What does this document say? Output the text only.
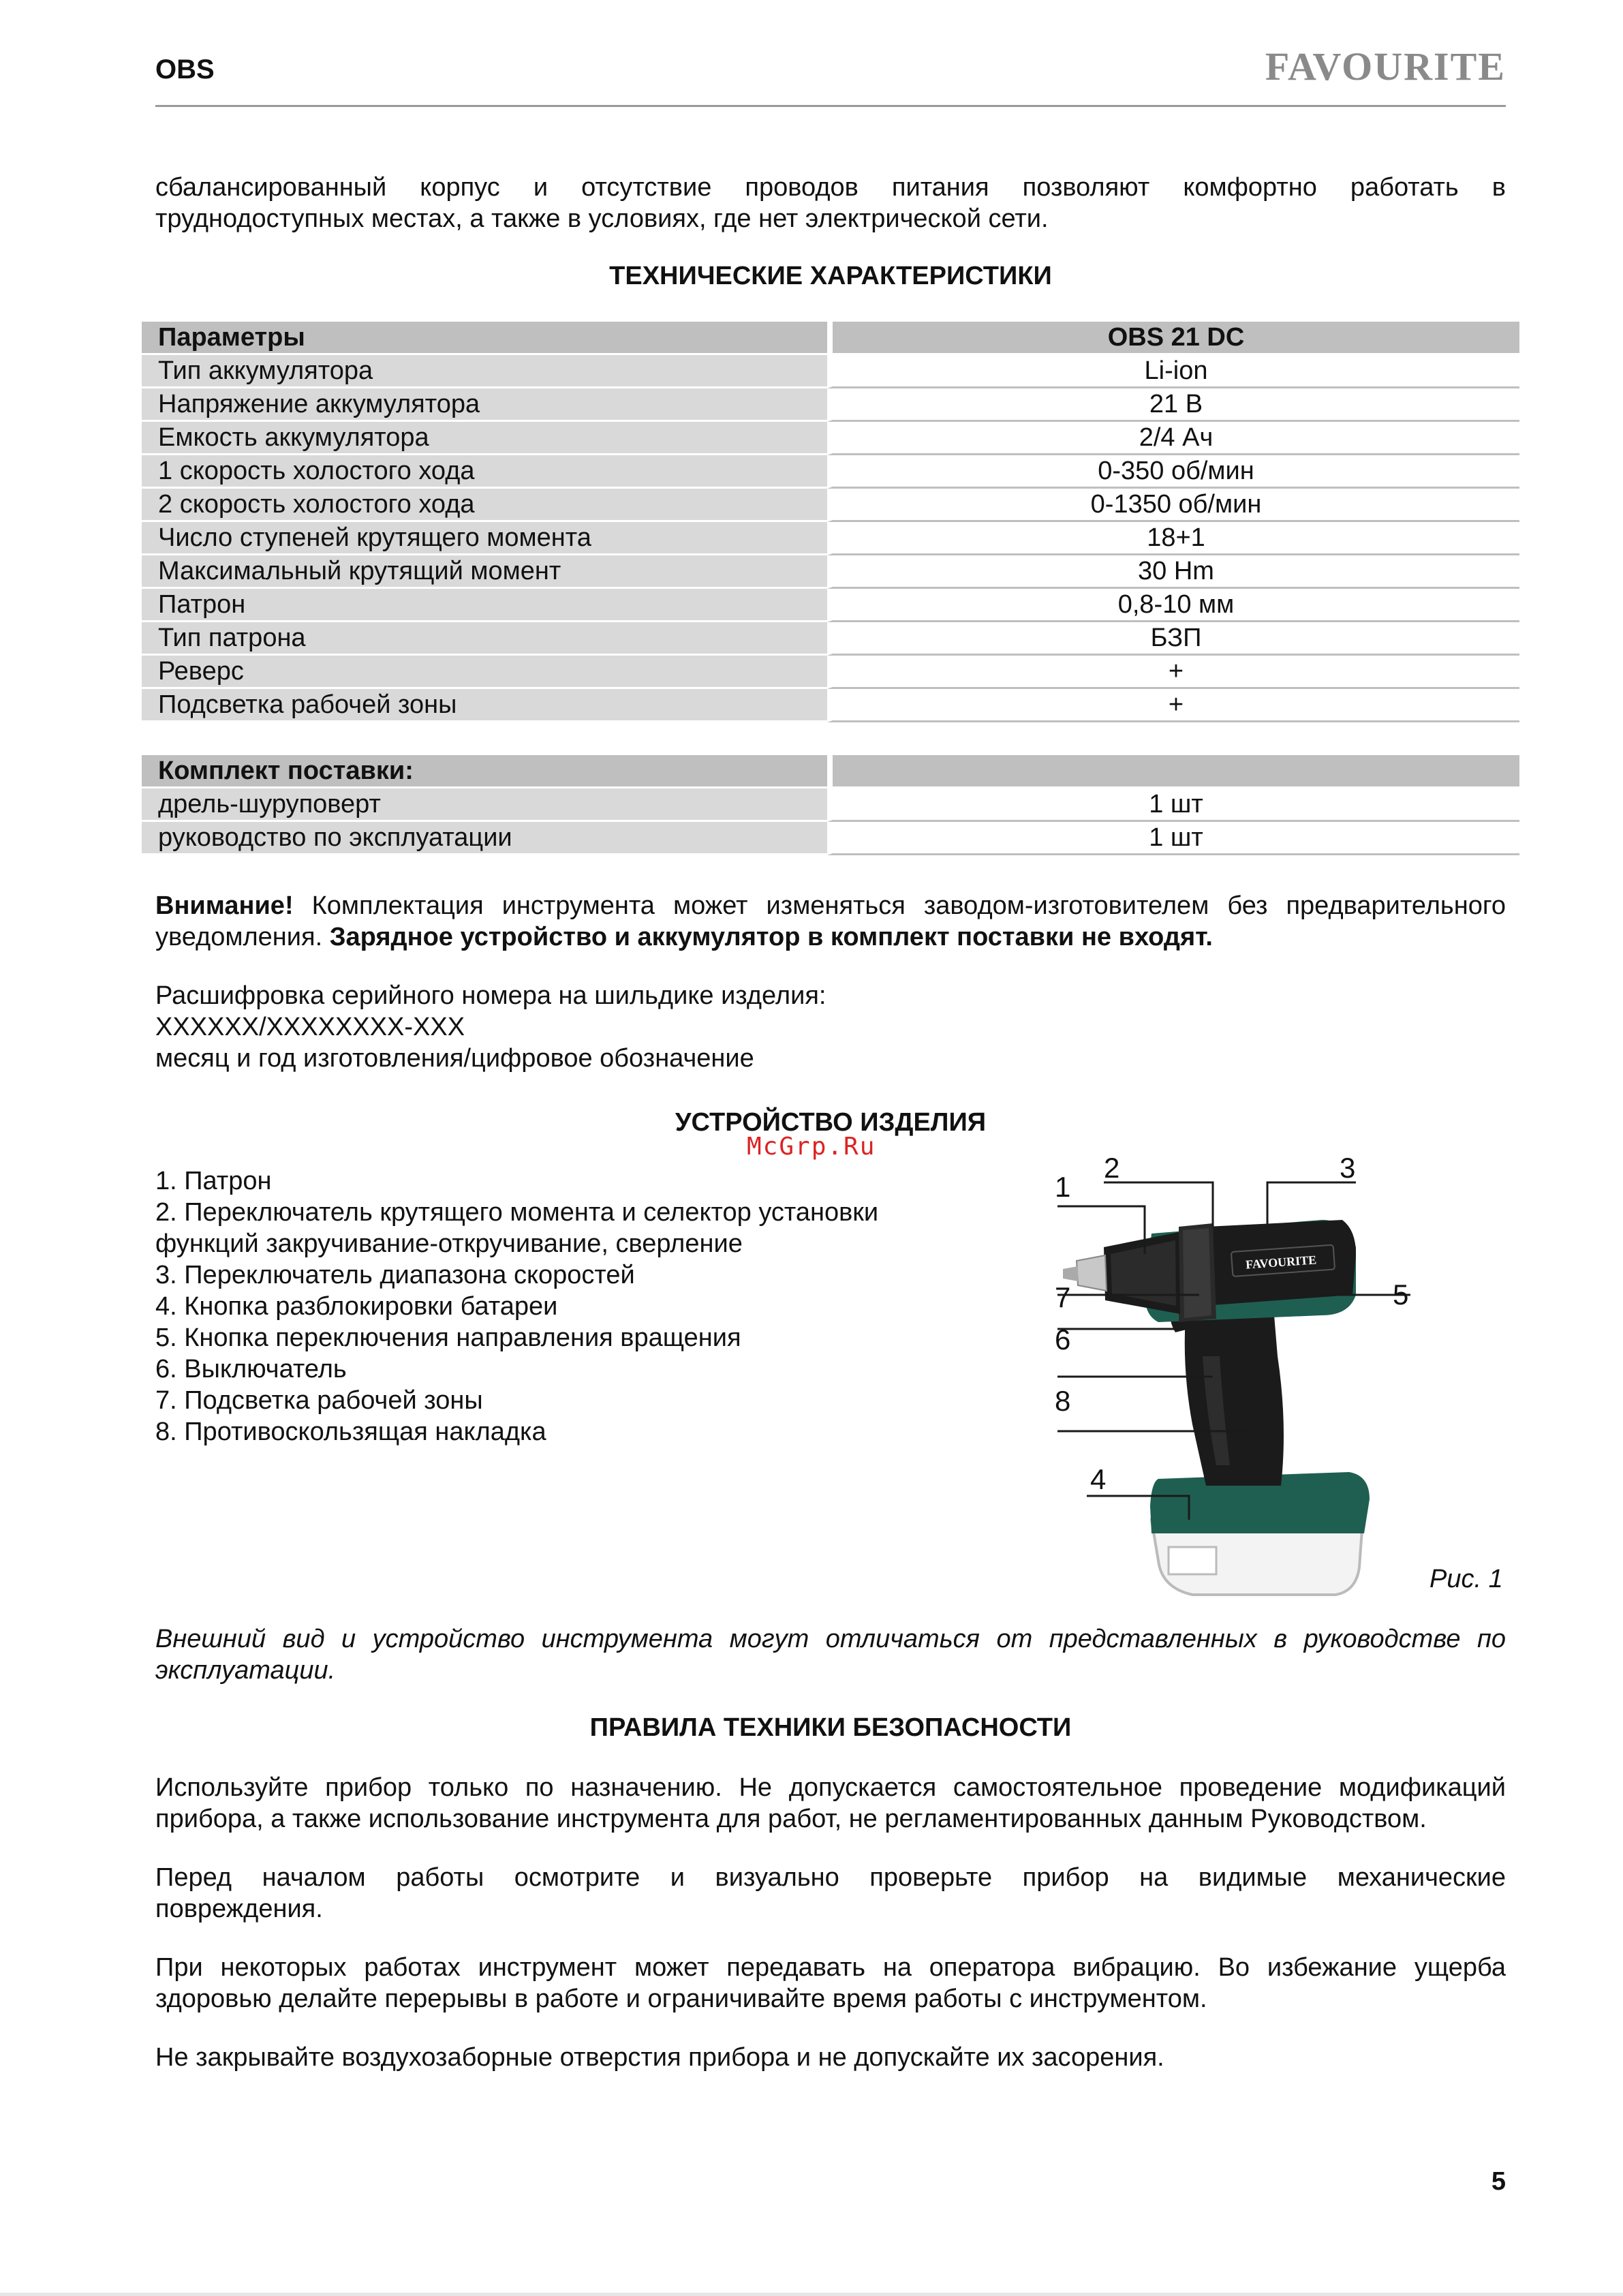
OBS	FAVOURITE
сбалансированный корпус и отсутствие проводов питания позволяют комфортно работать в
труднодоступных местах, а также в условиях, где нет электрической сети.
ТЕХНИЧЕСКИЕ ХАРАКТЕРИСТИКИ
Параметры	OBS 21 DC
Тип аккумулятора	Li-ion
Напряжение аккумулятора	21 В
Емкость аккумулятора	2/4 Ач
1 скорость холостого хода	0-350 об/мин
2 скорость холостого хода	0-1350 об/мин
Число ступеней крутящего момента	18+1
Максимальный крутящий момент	30 Hm
Патрон	0,8-10 мм
Тип патрона	БЗП
Реверс	+
Подсветка рабочей зоны	+
Комплект поставки:	
дрель-шуруповерт	1 шт
руководство по эксплуатации	1 шт
Внимание! Комплектация инструмента может изменяться заводом-изготовителем без предварительного
уведомления. Зарядное устройство и аккумулятор в комплект поставки не входят.
Расшифровка серийного номера на шильдике изделия:
XXXXXX/XXXXXXXX-XXX
месяц и год изготовления/цифровое обозначение
УСТРОЙСТВО ИЗДЕЛИЯ
McGrp.Ru
1. Патрон
2. Переключатель крутящего момента и селектор установки
функций закручивание-откручивание, сверление
3. Переключатель диапазона скоростей
4. Кнопка разблокировки батареи
5. Кнопка переключения направления вращения
6. Выключатель
7. Подсветка рабочей зоны
8. Противоскользящая накладка
FAVOURITE
1
2	3
4
5
6
7
8
Рис. 1
Внешний вид и устройство инструмента могут отличаться от представленных в руководстве по
эксплуатации.
ПРАВИЛА ТЕХНИКИ БЕЗОПАСНОСТИ
Используйте прибор только по назначению. Не допускается самостоятельное проведение модификаций
прибора, а также использование инструмента для работ, не регламентированных данным Руководством.
Перед началом работы осмотрите и визуально проверьте прибор на видимые механические
повреждения.
При некоторых работах инструмент может передавать на оператора вибрацию. Во избежание ущерба
здоровью делайте перерывы в работе и ограничивайте время работы с инструментом.
Не закрывайте воздухозаборные отверстия прибора и не допускайте их засорения.
5
